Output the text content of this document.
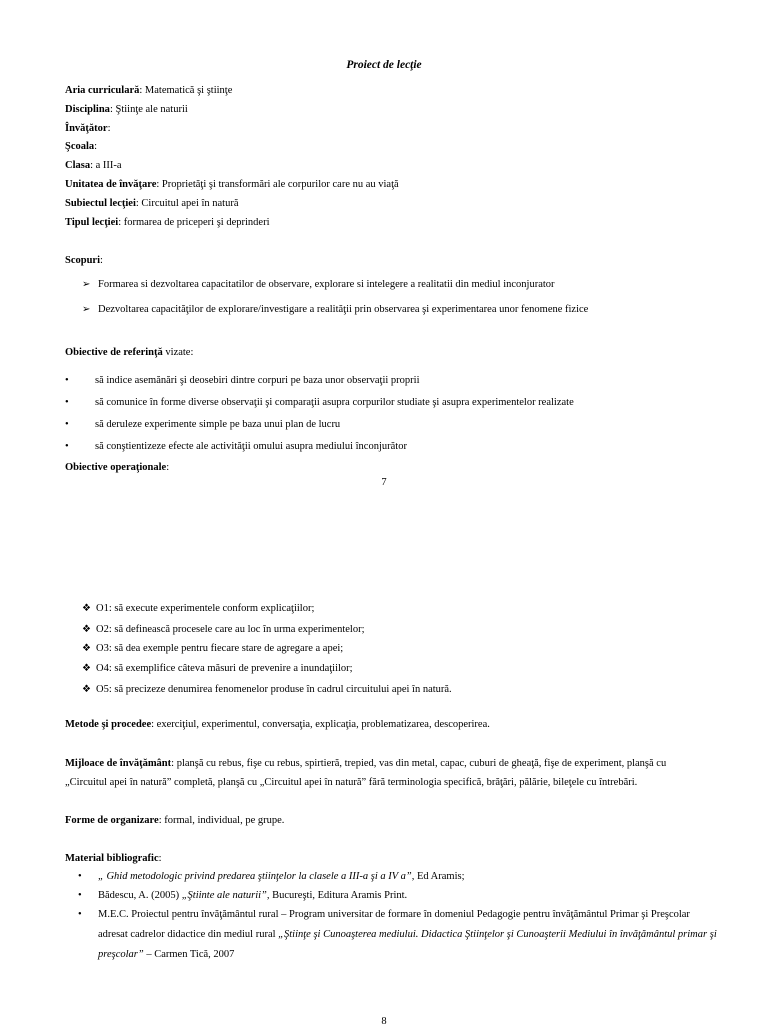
Proiect de lecţie
Aria curriculară: Matematică şi ştiinţe
Disciplina: Ştiinţe ale naturii
Învăţător:
Şcoala:
Clasa: a III-a
Unitatea de învăţare: Proprietăţi şi transformări ale corpurilor care nu au viaţă
Subiectul lecţiei: Circuitul apei în natură
Tipul lecţiei: formarea de priceperi şi deprinderi
Scopuri:
➢ Formarea si dezvoltarea capacitatilor de observare, explorare si intelegere a realitatii din mediul inconjurator
➢ Dezvoltarea capacităţilor de explorare/investigare a realităţii prin observarea şi experimentarea unor fenomene fizice
Obiective de referinţă vizate:
•	să indice asemănări şi deosebiri dintre corpuri pe baza unor observaţii proprii
•	să comunice în forme diverse observaţii şi comparaţii asupra corpurilor studiate şi asupra experimentelor realizate
•	să deruleze experimente simple pe baza unui plan de lucru
•	să conştientizeze efecte ale activităţii omului asupra mediului înconjurător
Obiective operaţionale:
7
❖ O1: să execute experimentele conform explicaţiilor;
❖ O2: să definească procesele care au loc în urma experimentelor;
❖ O3: să dea exemple pentru fiecare stare de agregare a apei;
❖ O4: să exemplifice câteva măsuri de prevenire a inundaţiilor;
❖ O5: să precizeze denumirea fenomenelor produse în cadrul circuitului apei în natură.
Metode şi procedee: exerciţiul, experimentul, conversaţia, explicaţia, problematizarea, descoperirea.
Mijloace de învăţământ: planşă cu rebus, fişe cu rebus, spirtieră, trepied, vas din metal, capac, cuburi de gheaţă, fişe de experiment, planşă cu
„Circuitul apei în natură” completă, planşă cu „Circuitul apei în natură” fără terminologia specifică, brăţări, pălărie, bileţele cu întrebări.
Forme de organizare: formal, individual, pe grupe.
Material bibliografic:
• „ Ghid metodologic privind predarea ştiinţelor la clasele a III-a şi a IV a”, Ed Aramis;
• Bădescu, A. (2005) „Ştiinte ale naturii”, Bucureşti, Editura Aramis Print.
• M.E.C. Proiectul pentru învăţământul rural – Program universitar de formare în domeniul Pedagogie pentru învăţământul Primar şi Preşcolar adresat cadrelor didactice din mediul rural „Ştiinţe şi Cunoaşterea mediului. Didactica Ştiinţelor şi Cunoaşterii Mediului în învăţământul primar şi preşcolar” – Carmen Tică, 2007
8
